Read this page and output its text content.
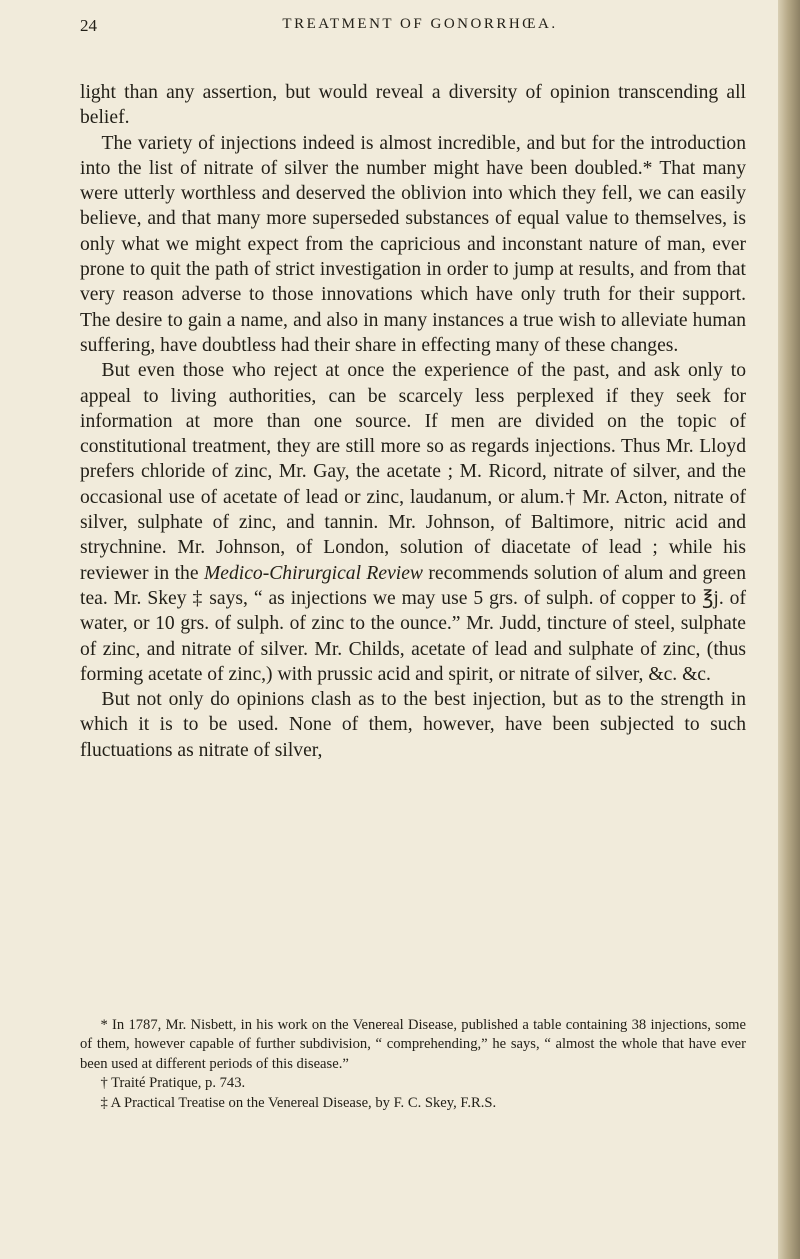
24	TREATMENT OF GONORRHŒA.

light than any assertion, but would reveal a diversity of opinion transcending all belief.

The variety of injections indeed is almost incredible, and but for the introduction into the list of nitrate of silver the number might have been doubled.* That many were utterly worthless and deserved the oblivion into which they fell, we can easily believe, and that many more superseded substances of equal value to themselves, is only what we might expect from the capricious and inconstant nature of man, ever prone to quit the path of strict investigation in order to jump at results, and from that very reason adverse to those innovations which have only truth for their support. The desire to gain a name, and also in many instances a true wish to alleviate human suffering, have doubtless had their share in effecting many of these changes.

But even those who reject at once the experience of the past, and ask only to appeal to living authorities, can be scarcely less perplexed if they seek for information at more than one source. If men are divided on the topic of constitutional treatment, they are still more so as regards injections. Thus Mr. Lloyd prefers chloride of zinc, Mr. Gay, the acetate ; M. Ricord, nitrate of silver, and the occasional use of acetate of lead or zinc, laudanum, or alum.† Mr. Acton, nitrate of silver, sulphate of zinc, and tannin. Mr. Johnson, of Baltimore, nitric acid and strychnine. Mr. Johnson, of London, solution of diacetate of lead ; while his reviewer in the Medico-Chirurgical Review recommends solution of alum and green tea. Mr. Skey ‡ says, “ as injections we may use 5 grs. of sulph. of copper to ℥j. of water, or 10 grs. of sulph. of zinc to the ounce.” Mr. Judd, tincture of steel, sulphate of zinc, and nitrate of silver. Mr. Childs, acetate of lead and sulphate of zinc, (thus forming acetate of zinc,) with prussic acid and spirit, or nitrate of silver, &c. &c.

But not only do opinions clash as to the best injection, but as to the strength in which it is to be used. None of them, however, have been subjected to such fluctuations as nitrate of silver,

* In 1787, Mr. Nisbett, in his work on the Venereal Disease, published a table containing 38 injections, some of them, however capable of further subdivision, “ comprehending,” he says, “ almost the whole that have ever been used at different periods of this disease.”

† Traité Pratique, p. 743.

‡ A Practical Treatise on the Venereal Disease, by F. C. Skey, F.R.S.
